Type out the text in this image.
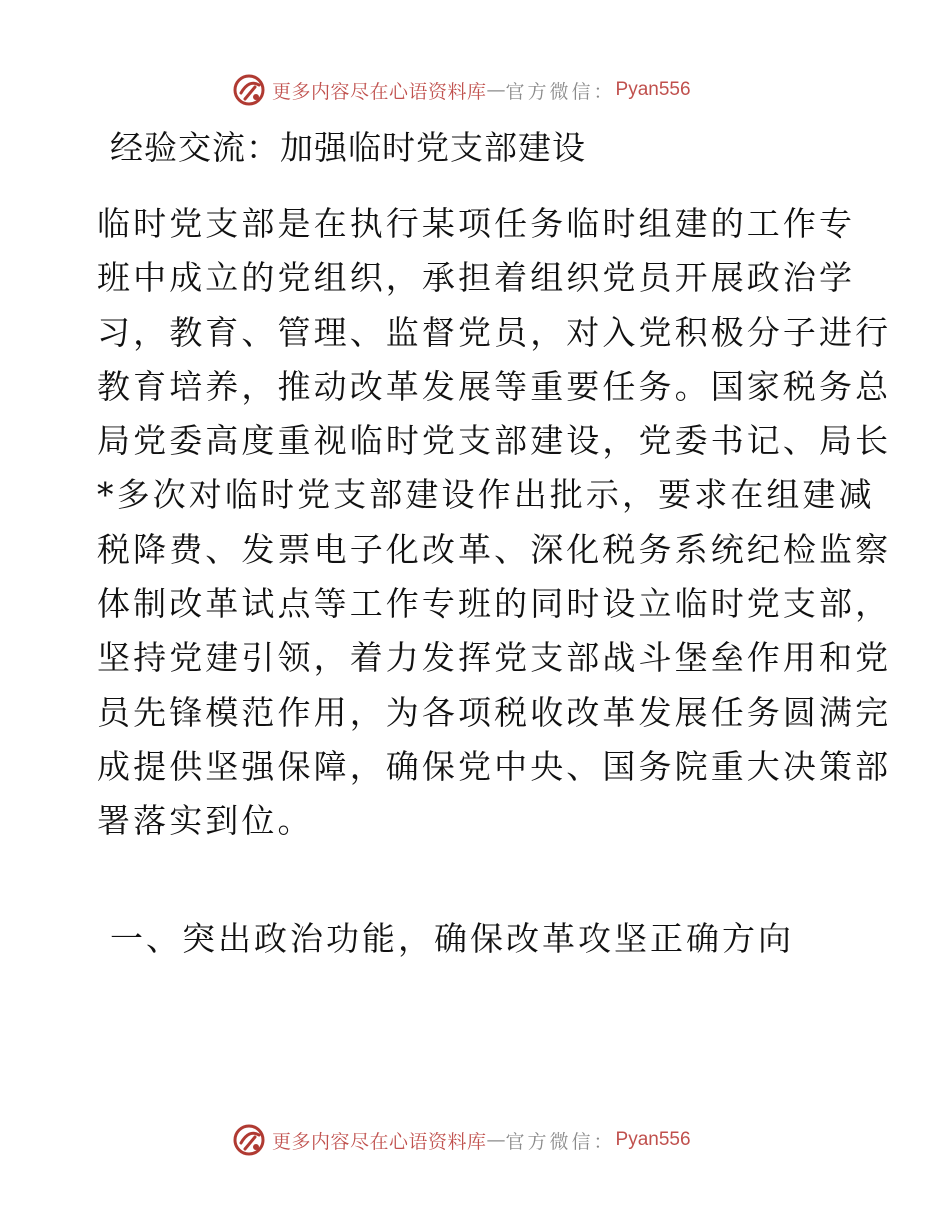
更多内容尽在心语资料库 — 官方微信： Pyan556
经验交流：加强临时党支部建设
临时党支部是在执行某项任务临时组建的工作专
班中成立的党组织，承担着组织党员开展政治学
习，教育、管理、监督党员，对入党积极分子进行
教育培养，推动改革发展等重要任务。国家税务总
局党委高度重视临时党支部建设，党委书记、局长
*多次对临时党支部建设作出批示，要求在组建减
税降费、发票电子化改革、深化税务系统纪检监察
体制改革试点等工作专班的同时设立临时党支部，
坚持党建引领，着力发挥党支部战斗堡垒作用和党
员先锋模范作用，为各项税收改革发展任务圆满完
成提供坚强保障，确保党中央、国务院重大决策部
署落实到位。
一、突出政治功能，确保改革攻坚正确方向
更多内容尽在心语资料库 — 官方微信： Pyan556
